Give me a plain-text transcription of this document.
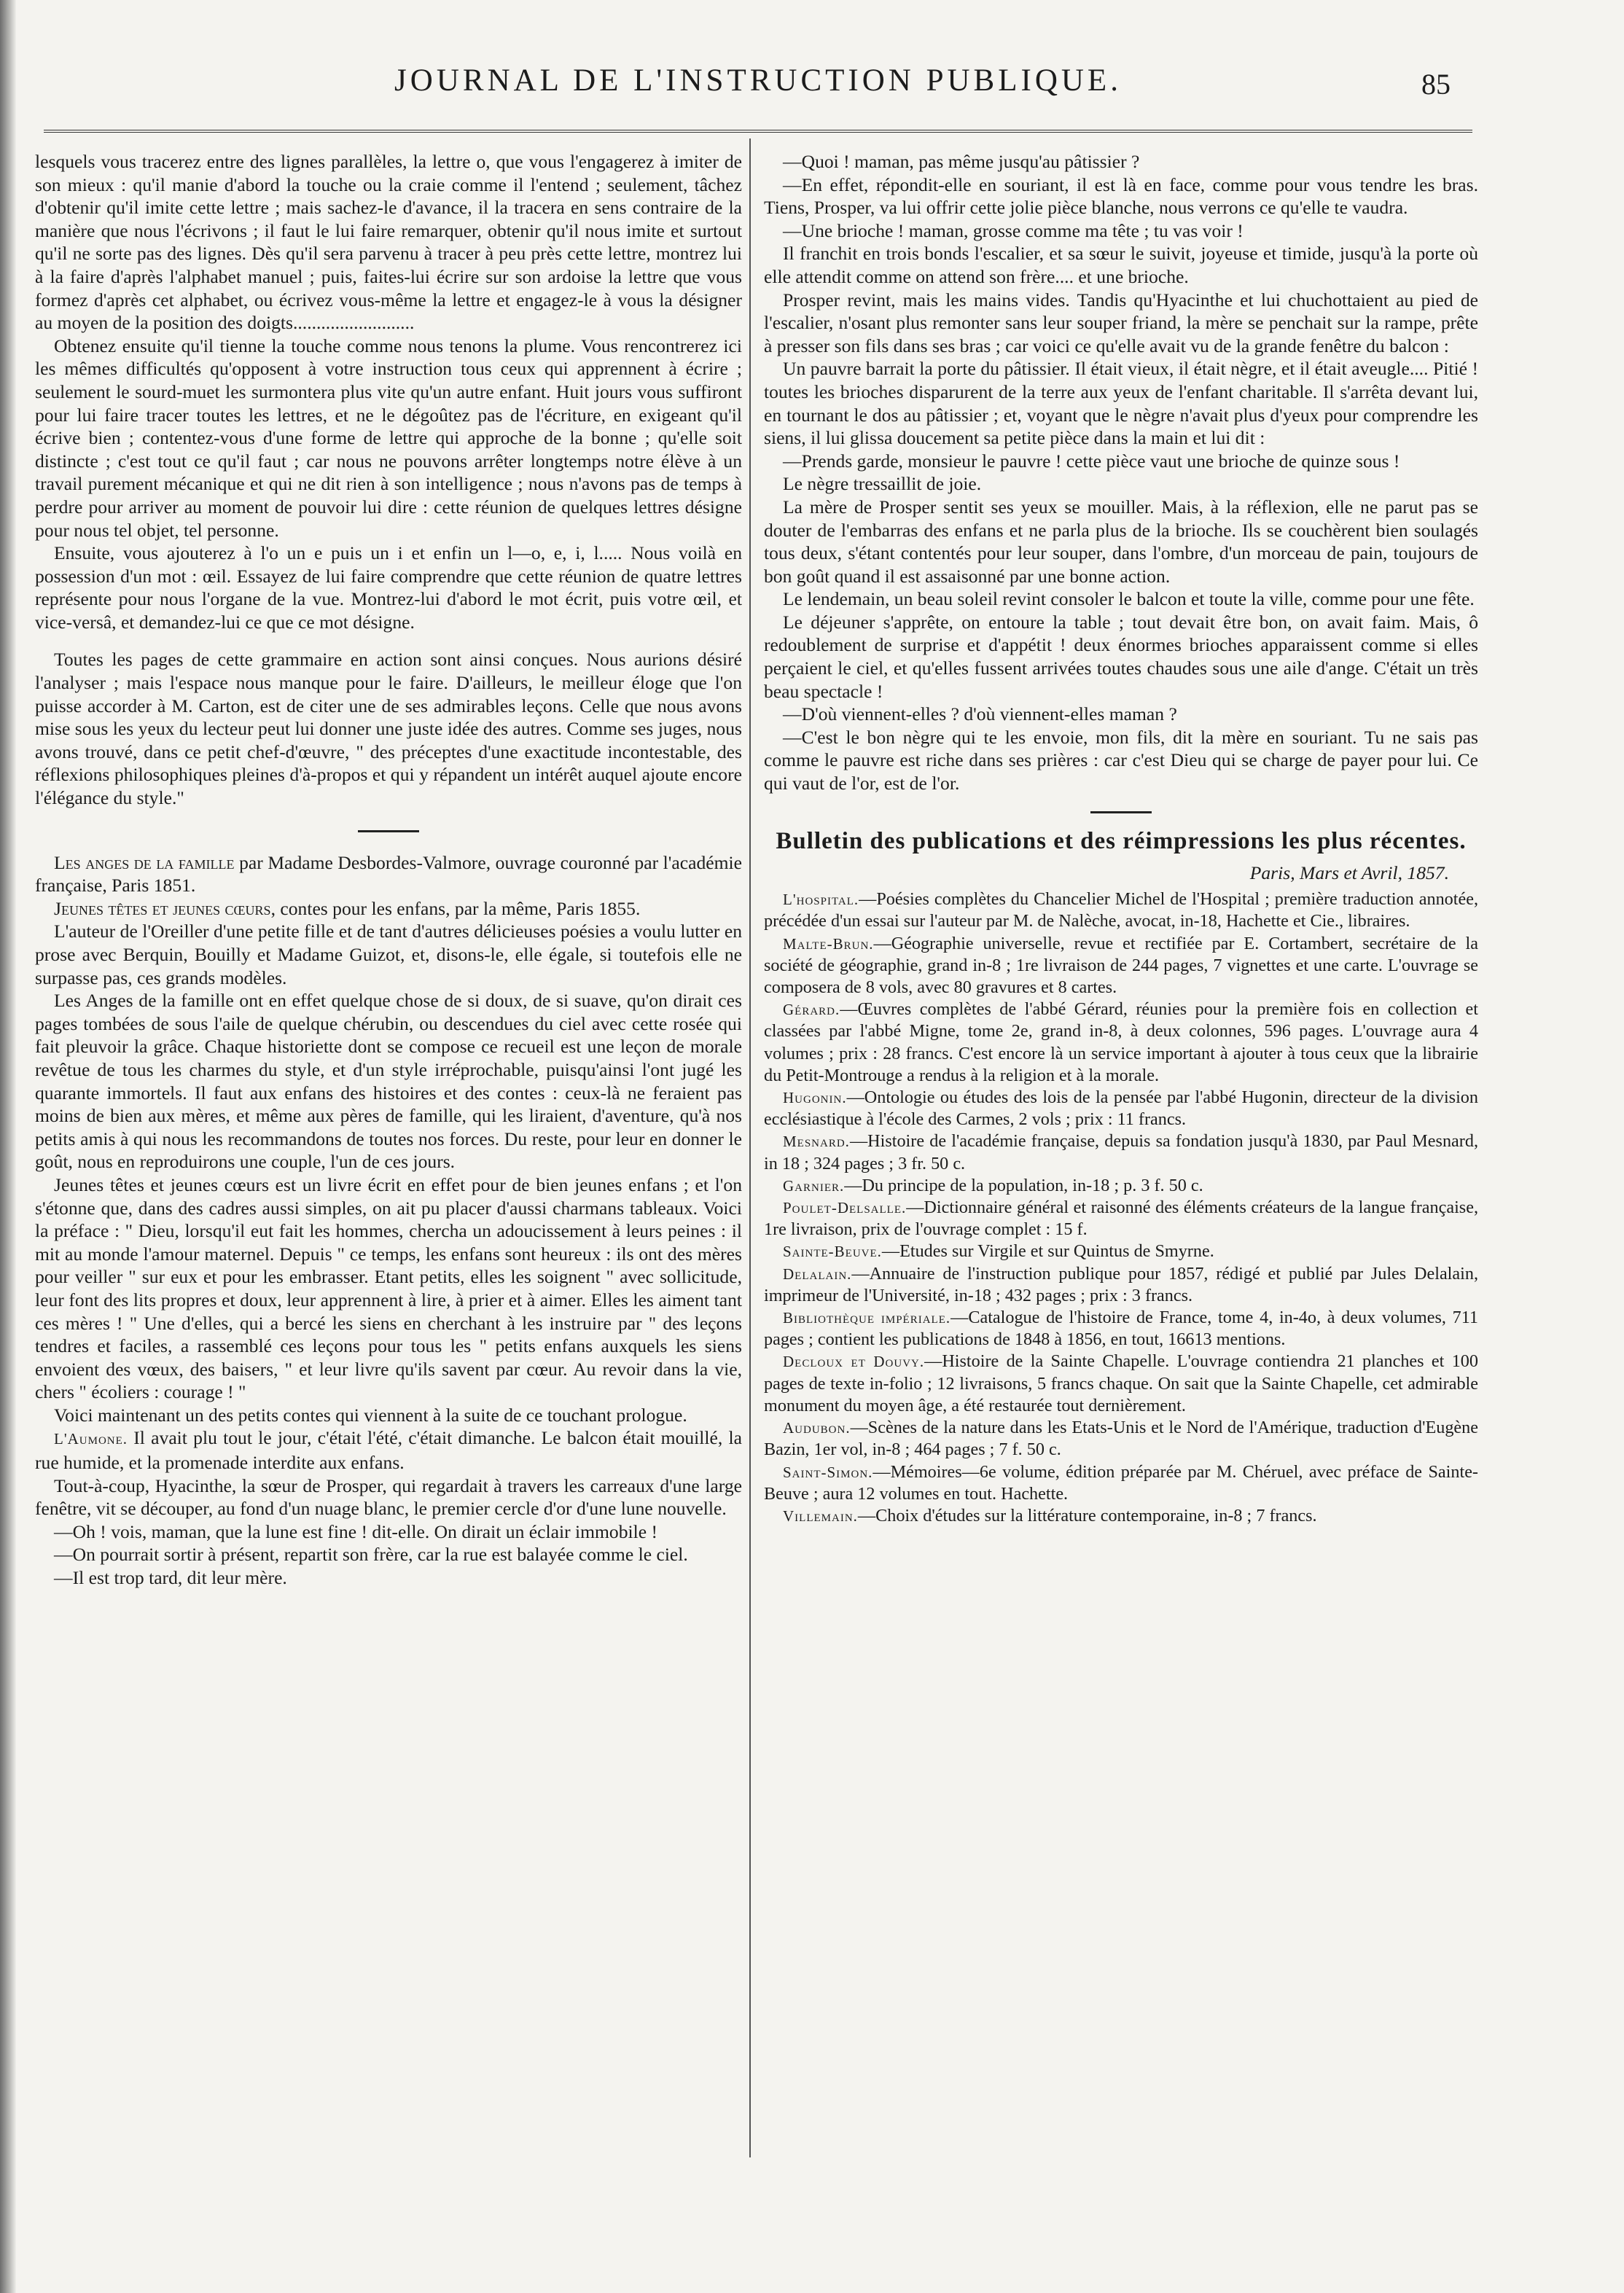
JOURNAL DE L'INSTRUCTION PUBLIQUE.	85

lesquels vous tracerez entre des lignes parallèles, la lettre o, que vous l'engagerez à imiter de son mieux : qu'il manie d'abord la touche ou la craie comme il l'entend ; seulement, tâchez d'obtenir qu'il imite cette lettre ; mais sachez-le d'avance, il la tracera en sens contraire de la manière que nous l'écrivons ; il faut le lui faire remarquer, obtenir qu'il nous imite et surtout qu'il ne sorte pas des lignes. Dès qu'il sera parvenu à tracer à peu près cette lettre, montrez lui à la faire d'après l'alphabet manuel ; puis, faites-lui écrire sur son ardoise la lettre que vous formez d'après cet alphabet, ou écrivez vous-même la lettre et engagez-le à vous la désigner au moyen de la position des doigts..........................

Obtenez ensuite qu'il tienne la touche comme nous tenons la plume. Vous rencontrerez ici les mêmes difficultés qu'opposent à votre instruction tous ceux qui apprennent à écrire ; seulement le sourd-muet les surmontera plus vite qu'un autre enfant. Huit jours vous suffiront pour lui faire tracer toutes les lettres, et ne le dégoûtez pas de l'écriture, en exigeant qu'il écrive bien ; contentez-vous d'une forme de lettre qui approche de la bonne ; qu'elle soit distincte ; c'est tout ce qu'il faut ; car nous ne pouvons arrêter longtemps notre élève à un travail purement mécanique et qui ne dit rien à son intelligence ; nous n'avons pas de temps à perdre pour arriver au moment de pouvoir lui dire : cette réunion de quelques lettres désigne pour nous tel objet, tel personne.

Ensuite, vous ajouterez à l'o un e puis un i et enfin un l—o, e, i, l..... Nous voilà en possession d'un mot : œil. Essayez de lui faire comprendre que cette réunion de quatre lettres représente pour nous l'organe de la vue. Montrez-lui d'abord le mot écrit, puis votre œil, et vice-versâ, et demandez-lui ce que ce mot désigne.

Toutes les pages de cette grammaire en action sont ainsi conçues. Nous aurions désiré l'analyser ; mais l'espace nous manque pour le faire. D'ailleurs, le meilleur éloge que l'on puisse accorder à M. Carton, est de citer une de ses admirables leçons. Celle que nous avons mise sous les yeux du lecteur peut lui donner une juste idée des autres. Comme ses juges, nous avons trouvé, dans ce petit chef-d'œuvre, " des préceptes d'une exactitude incontestable, des réflexions philosophiques pleines d'à-propos et qui y répandent un intérêt auquel ajoute encore l'élégance du style."

Les anges de la famille par Madame Desbordes-Valmore, ouvrage couronné par l'académie française, Paris 1851.

Jeunes têtes et jeunes cœurs, contes pour les enfans, par la même, Paris 1855.

L'auteur de l'Oreiller d'une petite fille et de tant d'autres délicieuses poésies a voulu lutter en prose avec Berquin, Bouilly et Madame Guizot, et, disons-le, elle égale, si toutefois elle ne surpasse pas, ces grands modèles.

Les Anges de la famille ont en effet quelque chose de si doux, de si suave, qu'on dirait ces pages tombées de sous l'aile de quelque chérubin, ou descendues du ciel avec cette rosée qui fait pleuvoir la grâce. Chaque historiette dont se compose ce recueil est une leçon de morale revêtue de tous les charmes du style, et d'un style irréprochable, puisqu'ainsi l'ont jugé les quarante immortels. Il faut aux enfans des histoires et des contes : ceux-là ne feraient pas moins de bien aux mères, et même aux pères de famille, qui les liraient, d'aventure, qu'à nos petits amis à qui nous les recommandons de toutes nos forces. Du reste, pour leur en donner le goût, nous en reproduirons une couple, l'un de ces jours.

Jeunes têtes et jeunes cœurs est un livre écrit en effet pour de bien jeunes enfans ; et l'on s'étonne que, dans des cadres aussi simples, on ait pu placer d'aussi charmans tableaux. Voici la préface : " Dieu, lorsqu'il eut fait les hommes, chercha un adoucissement à leurs peines : il mit au monde l'amour maternel. Depuis " ce temps, les enfans sont heureux : ils ont des mères pour veiller " sur eux et pour les embrasser. Etant petits, elles les soignent " avec sollicitude, leur font des lits propres et doux, leur apprennent à lire, à prier et à aimer. Elles les aiment tant ces mères ! " Une d'elles, qui a bercé les siens en cherchant à les instruire par " des leçons tendres et faciles, a rassemblé ces leçons pour tous les " petits enfans auxquels les siens envoient des vœux, des baisers, " et leur livre qu'ils savent par cœur. Au revoir dans la vie, chers " écoliers : courage ! "

Voici maintenant un des petits contes qui viennent à la suite de ce touchant prologue.

L'Aumone. Il avait plu tout le jour, c'était l'été, c'était dimanche. Le balcon était mouillé, la rue humide, et la promenade interdite aux enfans.

Tout-à-coup, Hyacinthe, la sœur de Prosper, qui regardait à travers les carreaux d'une large fenêtre, vit se découper, au fond d'un nuage blanc, le premier cercle d'or d'une lune nouvelle.

—Oh ! vois, maman, que la lune est fine ! dit-elle. On dirait un éclair immobile !

—On pourrait sortir à présent, repartit son frère, car la rue est balayée comme le ciel.

—Il est trop tard, dit leur mère.

—Quoi ! maman, pas même jusqu'au pâtissier ?

—En effet, répondit-elle en souriant, il est là en face, comme pour vous tendre les bras. Tiens, Prosper, va lui offrir cette jolie pièce blanche, nous verrons ce qu'elle te vaudra.

—Une brioche ! maman, grosse comme ma tête ; tu vas voir !

Il franchit en trois bonds l'escalier, et sa sœur le suivit, joyeuse et timide, jusqu'à la porte où elle attendit comme on attend son frère.... et une brioche.

Prosper revint, mais les mains vides. Tandis qu'Hyacinthe et lui chuchottaient au pied de l'escalier, n'osant plus remonter sans leur souper friand, la mère se penchait sur la rampe, prête à presser son fils dans ses bras ; car voici ce qu'elle avait vu de la grande fenêtre du balcon :

Un pauvre barrait la porte du pâtissier. Il était vieux, il était nègre, et il était aveugle.... Pitié ! toutes les brioches disparurent de la terre aux yeux de l'enfant charitable. Il s'arrêta devant lui, en tournant le dos au pâtissier ; et, voyant que le nègre n'avait plus d'yeux pour comprendre les siens, il lui glissa doucement sa petite pièce dans la main et lui dit :

—Prends garde, monsieur le pauvre ! cette pièce vaut une brioche de quinze sous !

Le nègre tressaillit de joie.

La mère de Prosper sentit ses yeux se mouiller. Mais, à la réflexion, elle ne parut pas se douter de l'embarras des enfans et ne parla plus de la brioche. Ils se couchèrent bien soulagés tous deux, s'étant contentés pour leur souper, dans l'ombre, d'un morceau de pain, toujours de bon goût quand il est assaisonné par une bonne action.

Le lendemain, un beau soleil revint consoler le balcon et toute la ville, comme pour une fête.

Le déjeuner s'apprête, on entoure la table ; tout devait être bon, on avait faim. Mais, ô redoublement de surprise et d'appétit ! deux énormes brioches apparaissent comme si elles perçaient le ciel, et qu'elles fussent arrivées toutes chaudes sous une aile d'ange. C'était un très beau spectacle !

—D'où viennent-elles ? d'où viennent-elles maman ?

—C'est le bon nègre qui te les envoie, mon fils, dit la mère en souriant. Tu ne sais pas comme le pauvre est riche dans ses prières : car c'est Dieu qui se charge de payer pour lui. Ce qui vaut de l'or, est de l'or.

Bulletin des publications et des réimpressions les plus récentes.
Paris, Mars et Avril, 1857.

L'hospital.—Poésies complètes du Chancelier Michel de l'Hospital ; première traduction annotée, précédée d'un essai sur l'auteur par M. de Nalèche, avocat, in-18, Hachette et Cie., libraires.

Malte-Brun.—Géographie universelle, revue et rectifiée par E. Cortambert, secrétaire de la société de géographie, grand in-8 ; 1re livraison de 244 pages, 7 vignettes et une carte. L'ouvrage se composera de 8 vols, avec 80 gravures et 8 cartes.

Gérard.—Œuvres complètes de l'abbé Gérard, réunies pour la première fois en collection et classées par l'abbé Migne, tome 2e, grand in-8, à deux colonnes, 596 pages. L'ouvrage aura 4 volumes ; prix : 28 francs. C'est encore là un service important à ajouter à tous ceux que la librairie du Petit-Montrouge a rendus à la religion et à la morale.

Hugonin.—Ontologie ou études des lois de la pensée par l'abbé Hugonin, directeur de la division ecclésiastique à l'école des Carmes, 2 vols ; prix : 11 francs.

Mesnard.—Histoire de l'académie française, depuis sa fondation jusqu'à 1830, par Paul Mesnard, in 18 ; 324 pages ; 3 fr. 50 c.

Garnier.—Du principe de la population, in-18 ; p. 3 f. 50 c.

Poulet-Delsalle.—Dictionnaire général et raisonné des éléments créateurs de la langue française, 1re livraison, prix de l'ouvrage complet : 15 f.

Sainte-Beuve.—Etudes sur Virgile et sur Quintus de Smyrne.

Delalain.—Annuaire de l'instruction publique pour 1857, rédigé et publié par Jules Delalain, imprimeur de l'Université, in-18 ; 432 pages ; prix : 3 francs.

Bibliothèque impériale.—Catalogue de l'histoire de France, tome 4, in-4o, à deux volumes, 711 pages ; contient les publications de 1848 à 1856, en tout, 16613 mentions.

Decloux et Douvy.—Histoire de la Sainte Chapelle. L'ouvrage contiendra 21 planches et 100 pages de texte in-folio ; 12 livraisons, 5 francs chaque. On sait que la Sainte Chapelle, cet admirable monument du moyen âge, a été restaurée tout dernièrement.

Audubon.—Scènes de la nature dans les Etats-Unis et le Nord de l'Amérique, traduction d'Eugène Bazin, 1er vol, in-8 ; 464 pages ; 7 f. 50 c.

Saint-Simon.—Mémoires—6e volume, édition préparée par M. Chéruel, avec préface de Sainte-Beuve ; aura 12 volumes en tout. Hachette.

Villemain.—Choix d'études sur la littérature contemporaine, in-8 ; 7 francs.
